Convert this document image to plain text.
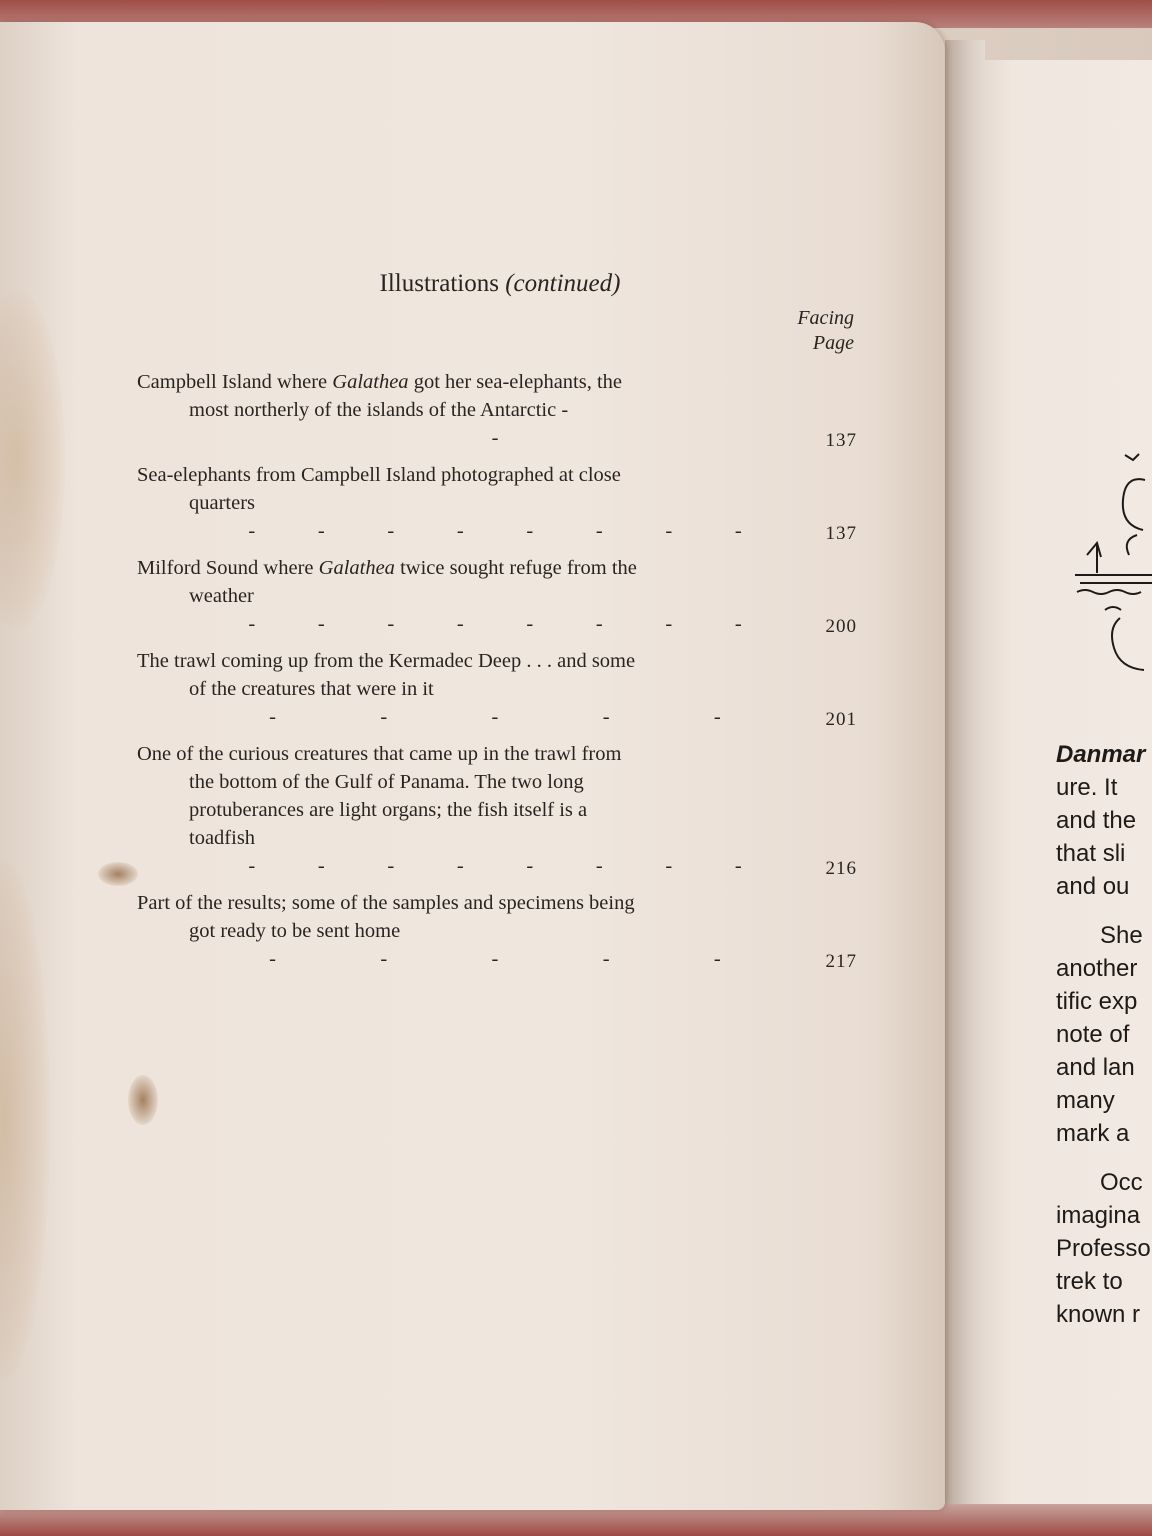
Illustrations (continued)
Facing
Page
Campbell Island where Galathea got her sea-elephants, the
most northerly of the islands of the Antarctic -
-	137
Sea-elephants from Campbell Island photographed at close
quarters
-	-	-	-	-	-	-	-	137
Milford Sound where Galathea twice sought refuge from the
weather
-	-	-	-	-	-	-	-	200
The trawl coming up from the Kermadec Deep . . . and some
of the creatures that were in it
-	-	-	-	-	201
One of the curious creatures that came up in the trawl from
the bottom of the Gulf of Panama. The two long
protuberances are light organs; the fish itself is a
toadfish
-	-	-	-	-	-	-	-	216
Part of the results; some of the samples and specimens being
got ready to be sent home
-	-	-	-	-	217
Danmar
ure. It
and the
that sli
and ou
She
another
tific exp
note of
and lan
many
mark a
Occ
imagina
Professo
trek to
known r
